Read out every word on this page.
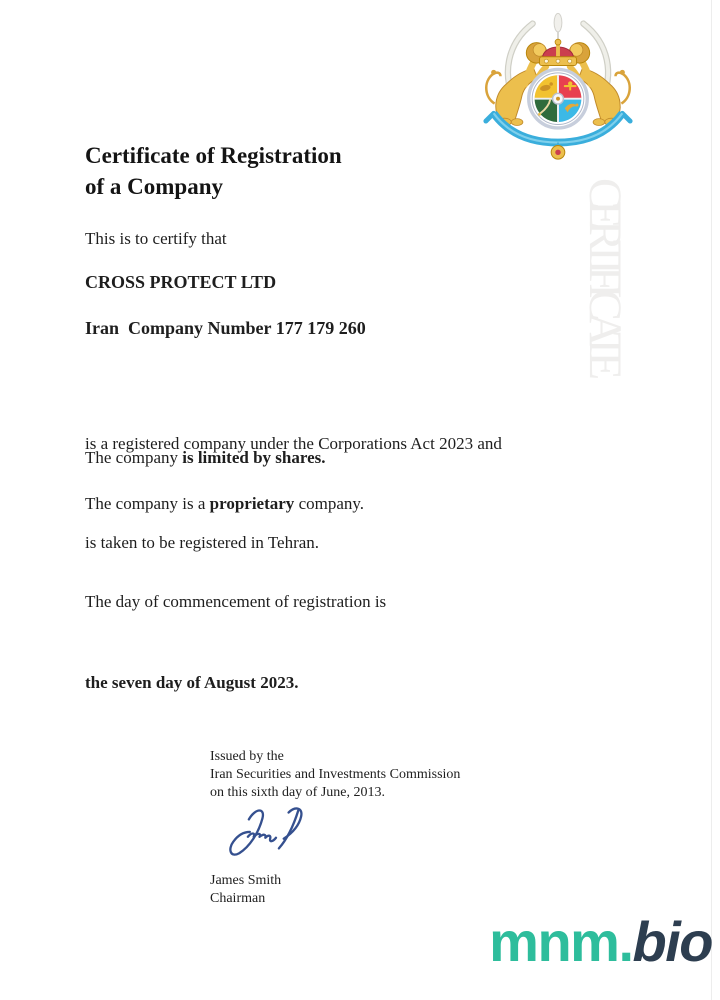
CERTIFICATE
Certificate of Registration
of a Company
This is to certify that
CROSS PROTECT LTD
Iran  Company Number 177 179 260

is a registered company under the Corporations Act 2023 and

is taken to be registered in Tehran.

The company is limited by shares.
The company is a proprietary company.

The day of commencement of registration is

the seven day of August 2023.

Issued by the
Iran Securities and Investments Commission
on this sixth day of June, 2013.
James Smith
Chairman
mnm.bio
